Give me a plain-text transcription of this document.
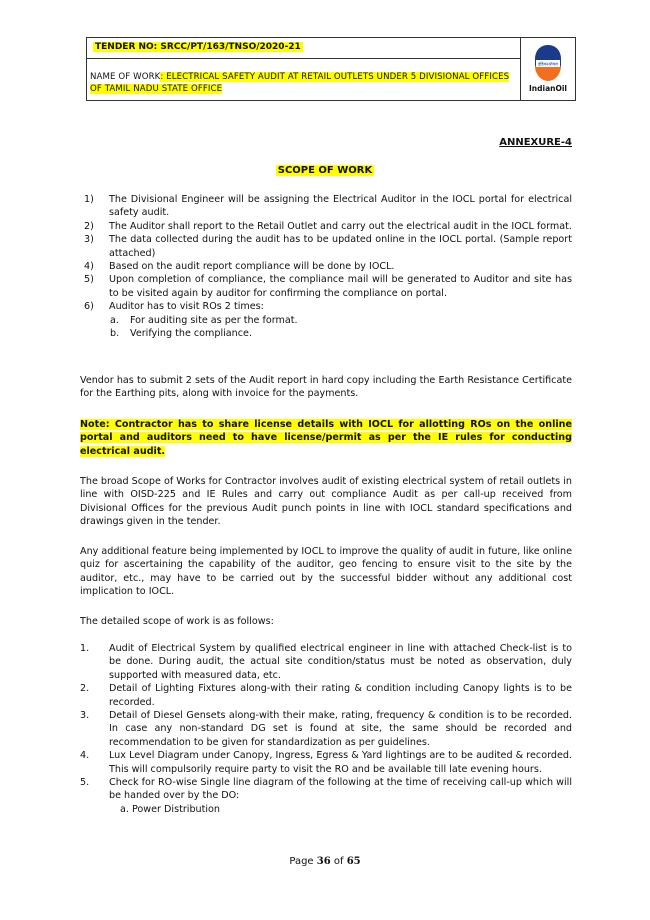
TENDER NO: SRCC/PT/163/TNSO/2020-21
NAME OF WORK: ELECTRICAL SAFETY AUDIT AT RETAIL OUTLETS UNDER 5 DIVISIONAL OFFICES OF TAMIL NADU STATE OFFICE
इंडियनऑयल
IndianOil
ANNEXURE-4
SCOPE OF WORK
1) The Divisional Engineer will be assigning the Electrical Auditor in the IOCL portal for electrical safety audit.
2) The Auditor shall report to the Retail Outlet and carry out the electrical audit in the IOCL format.
3) The data collected during the audit has to be updated online in the IOCL portal. (Sample report attached)
4) Based on the audit report compliance will be done by IOCL.
5) Upon completion of compliance, the compliance mail will be generated to Auditor and site has to be visited again by auditor for confirming the compliance on portal.
6) Auditor has to visit ROs 2 times:
a. For auditing site as per the format.
b. Verifying the compliance.
Vendor has to submit 2 sets of the Audit report in hard copy including the Earth Resistance Certificate for the Earthing pits, along with invoice for the payments.
Note: Contractor has to share license details with IOCL for allotting ROs on the online portal and auditors need to have license/permit as per the IE rules for conducting electrical audit.
The broad Scope of Works for Contractor involves audit of existing electrical system of retail outlets in line with OISD-225 and IE Rules and carry out compliance Audit as per call-up received from Divisional Offices for the previous Audit punch points in line with IOCL standard specifications and drawings given in the tender.
Any additional feature being implemented by IOCL to improve the quality of audit in future, like online quiz for ascertaining the capability of the auditor, geo fencing to ensure visit to the site by the auditor, etc., may have to be carried out by the successful bidder without any additional cost implication to IOCL.
The detailed scope of work is as follows:
1. Audit of Electrical System by qualified electrical engineer in line with attached Check-list is to be done. During audit, the actual site condition/status must be noted as observation, duly supported with measured data, etc.
2. Detail of Lighting Fixtures along-with their rating & condition including Canopy lights is to be recorded.
3. Detail of Diesel Gensets along-with their make, rating, frequency & condition is to be recorded. In case any non-standard DG set is found at site, the same should be recorded and recommendation to be given for standardization as per guidelines.
4. Lux Level Diagram under Canopy, Ingress, Egress & Yard lightings are to be audited & recorded. This will compulsorily require party to visit the RO and be available till late evening hours.
5. Check for RO-wise Single line diagram of the following at the time of receiving call-up which will be handed over by the DO:
a. Power Distribution
Page 36 of 65
